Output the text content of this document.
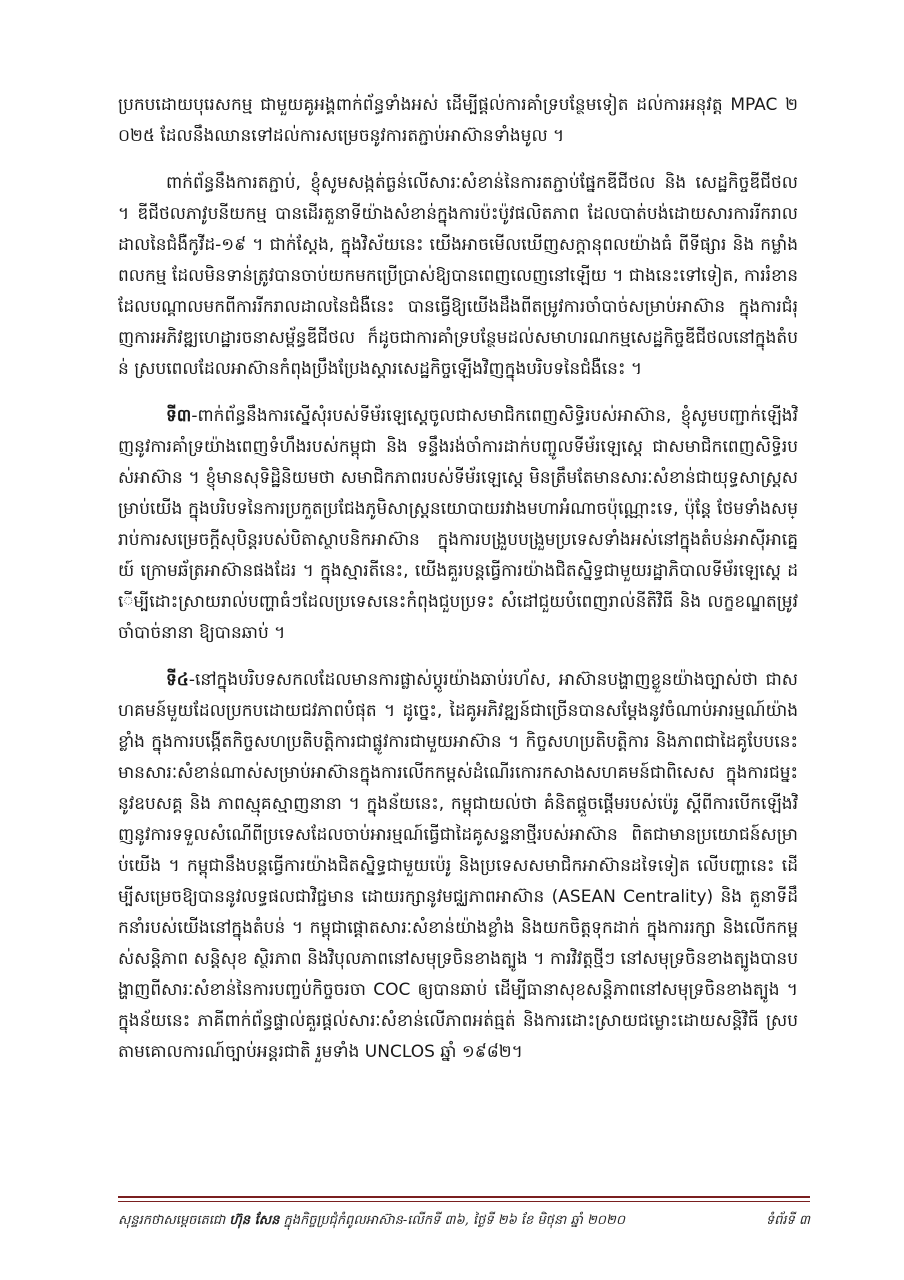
ប្រកបដោយបុរេសកម្ម ជាមួយគូអង្គពាក់ព័ន្ធទាំងអស់ ដើម្បីផ្តល់ការគាំទ្របន្ថែមទៀត ដល់ការអនុវត្ត MPAC ២០២៥ ដែលនឹងឈានទៅដល់ការសម្រេចនូវការតភ្ជាប់អាស៊ានទាំងមូល ។

ពាក់ព័ន្ធនឹងការតភ្ជាប់, ខ្ញុំសូមសង្កត់ធ្ងន់លើសារៈសំខាន់នៃការតភ្ជាប់ផ្នែកឌីជីថល និង សេដ្ឋកិច្ចឌីជីថល ។ ឌីជីថលភាវូបនីយកម្ម បានដើរតួនាទីយ៉ាងសំខាន់ក្នុងការប៉ះប៉ូវផលិតភាព ដែលបាត់បង់ដោយសារការរីករាលដាលនៃជំងឺកូវីដ-១៩ ។ ជាក់ស្តែង, ក្នុងវិស័យនេះ យើងអាចមើលឃើញសក្តានុពលយ៉ាងធំ ពីទីផ្សារ និង កម្លាំងពលកម្ម ដែលមិនទាន់ត្រូវបានចាប់យកមកប្រើប្រាស់ឱ្យបានពេញលេញនៅឡើយ ។ ជាងនេះទៅទៀត, ការរំខានដែលបណ្តាលមកពីការរីករាលដាលនៃជំងឺនេះ បានធ្វើឱ្យយើងដឹងពីតម្រូវការចាំបាច់សម្រាប់អាស៊ាន ក្នុងការជំរុញការអភិវឌ្ឍហេដ្ឋារចនាសម្ព័ន្ធឌីជីថល ក៏ដូចជាការគាំទ្របន្ថែមដល់សមាហរណកម្មសេដ្ឋកិច្ចឌីជីថលនៅក្នុងតំបន់ ស្របពេលដែលអាស៊ានកំពុងប្រឹងប្រែងស្តារសេដ្ឋកិច្ចឡើងវិញក្នុងបរិបទនៃជំងឺនេះ ។

ទី៣-ពាក់ព័ន្ធនឹងការស្នើសុំរបស់ទីម័រឡេស្តេចូលជាសមាជិកពេញសិទ្ធិរបស់អាស៊ាន, ខ្ញុំសូមបញ្ជាក់ឡើងវិញនូវការគាំទ្រយ៉ាងពេញទំហឹងរបស់កម្ពុជា និង ទន្ទឹងរង់ចាំការដាក់បញ្ចូលទីម័រឡេស្តេ ជាសមាជិកពេញសិទ្ធិរបស់អាស៊ាន ។ ខ្ញុំមានសុទិដ្ឋិនិយមថា សមាជិកភាពរបស់ទីម័រឡេស្តេ មិនត្រឹមតែមានសារៈសំខាន់ជាយុទ្ធសាស្ត្រសម្រាប់យើង ក្នុងបរិបទនៃការប្រកួតប្រជែងភូមិសាស្ត្រនយោបាយរវាងមហាអំណាចប៉ុណ្ណោះទេ, ប៉ុន្តែ ថែមទាំងសម្រាប់ការសម្រេចក្តីសុបិន្តរបស់បិតាស្ថាបនិកអាស៊ាន ក្នុងការបង្រួបបង្រួមប្រទេសទាំងអស់នៅក្នុងតំបន់អាស៊ីអាគ្នេយ៍ ក្រោមឆ័ត្រអាស៊ានផងដែរ ។ ក្នុងស្មារតីនេះ, យើងគួរបន្តធ្វើការយ៉ាងជិតស្និទ្ធជាមួយរដ្ឋាភិបាលទីម័រឡេស្តេ ដើម្បីដោះស្រាយរាល់បញ្ហាធំៗដែលប្រទេសនេះកំពុងជួបប្រទះ សំដៅជួយបំពេញរាល់នីតិវិធី និង លក្ខខណ្ឌតម្រូវចាំបាច់នានា ឱ្យបានឆាប់ ។

ទី៤-នៅក្នុងបរិបទសកលដែលមានការផ្លាស់ប្តូរយ៉ាងឆាប់រហ័ស, អាស៊ានបង្ហាញខ្លួនយ៉ាងច្បាស់ថា ជាសហគមន៍មួយដែលប្រកបដោយជវភាពបំផុត ។ ដូច្នេះ, ដៃគូអភិវឌ្ឍន៍ជាច្រើនបានសម្តែងនូវចំណាប់អារម្មណ៍យ៉ាងខ្លាំង ក្នុងការបង្កើតកិច្ចសហប្រតិបត្តិការជាផ្លូវការជាមួយអាស៊ាន ។ កិច្ចសហប្រតិបត្តិការ និងភាពជាដៃគូបែបនេះ មានសារៈសំខាន់ណាស់សម្រាប់អាស៊ានក្នុងការលើកកម្ពស់ដំណើរកោរកសាងសហគមន៍ជាពិសេស ក្នុងការជម្នះនូវឧបសគ្គ និង ភាពស្មុគស្មាញនានា ។ ក្នុងន័យនេះ, កម្ពុជាយល់ថា គំនិតផ្តួចផ្តើមរបស់ប៉េរូ ស្តីពីការបើកឡើងវិញនូវការទទួលសំណើពីប្រទេសដែលចាប់អារម្មណ៍ធ្វើជាដៃគូសន្ទនាថ្មីរបស់អាស៊ាន ពិតជាមានប្រយោជន៍សម្រាប់យើង ។ កម្ពុជានឹងបន្តធ្វើការយ៉ាងជិតស្និទ្ធជាមួយប៉េរូ និងប្រទេសសមាជិកអាស៊ានដទៃទៀត លើបញ្ហានេះ ដើម្បីសម្រេចឱ្យបាននូវលទ្ធផលជាវិជ្ជមាន ដោយរក្សានូវមជ្ឈភាពអាស៊ាន (ASEAN Centrality) និង តួនាទីដឹកនាំរបស់យើងនៅក្នុងតំបន់ ។ កម្ពុជាផ្តោតសារៈសំខាន់យ៉ាងខ្លាំង និងយកចិត្តទុកដាក់ ក្នុងការរក្សា និងលើកកម្ពស់សន្តិភាព សន្តិសុខ ស្ថិរភាព និងវិបុលភាពនៅសមុទ្រចិនខាងត្បូង ។ ការវិវត្តថ្មីៗ នៅសមុទ្រចិនខាងត្បូងបានបង្ហាញពីសារៈសំខាន់នៃការបញ្ចប់កិច្ចចរចា COC ឲ្យបានឆាប់ ដើម្បីធានាសុខសន្តិភាពនៅសមុទ្រចិនខាងត្បូង ។ ក្នុងន័យនេះ ភាគីពាក់ព័ន្ធផ្ទាល់គួរផ្តល់សារៈសំខាន់លើភាពអត់ធ្មត់ និងការដោះស្រាយជម្លោះដោយសន្តិវិធី ស្របតាមគោលការណ៍ច្បាប់អន្តរជាតិ រួមទាំង UNCLOS ឆ្នាំ ១៩៨២។

សុន្ទរកថាសម្តេចតេជោ ហ៊ុន សែន ក្នុងកិច្ចប្រជុំកំពូលអាស៊ាន-លើកទី ៣៦, ថ្ងៃទី ២៦ ខែ មិថុនា ឆ្នាំ ២០២០	ទំព័រទី ៣
